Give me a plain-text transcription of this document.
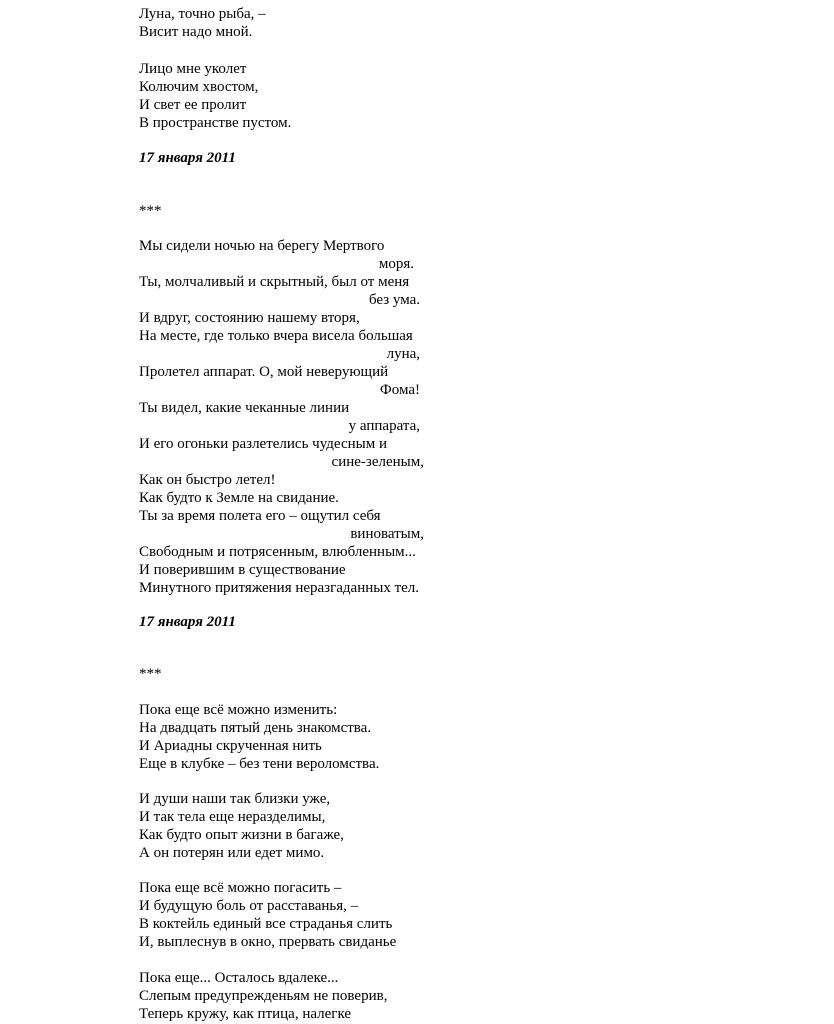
Луна, точно рыба, –
Висит надо мной.
Лицо мне уколет
Колючим хвостом,
И свет ее пролит
В пространстве пустом.
17 января 2011
***
Мы сидели ночью на берегу Мертвого
моря.
Ты, молчаливый и скрытный, был от меня
без ума.
И вдруг, состоянию нашему вторя,
На месте, где только вчера висела большая
луна,
Пролетел аппарат. О, мой неверующий
Фома!
Ты видел, какие чеканные линии
у аппарата,
И его огоньки разлетелись чудесным и
сине-зеленым,
Как он быстро летел!
Как будто к Земле на свидание.
Ты за время полета его – ощутил себя
виноватым,
Свободным и потрясенным, влюбленным...
И поверившим в существование
Минутного притяжения неразгаданных тел.
17 января 2011
***
Пока еще всё можно изменить:
На двадцать пятый день знакомства.
И Ариадны скрученная нить
Еще в клубке – без тени вероломства.
И души наши так близки уже,
И так тела еще неразделимы,
Как будто опыт жизни в багаже,
А он потерян или едет мимо.
Пока еще всё можно погасить –
И будущую боль от расставанья, –
В коктейль единый все страданья слить
И, выплеснув в окно, прервать свиданье
Пока еще... Осталось вдалеке...
Слепым предупрежденьям не поверив,
Теперь кружу, как птица, налегке
